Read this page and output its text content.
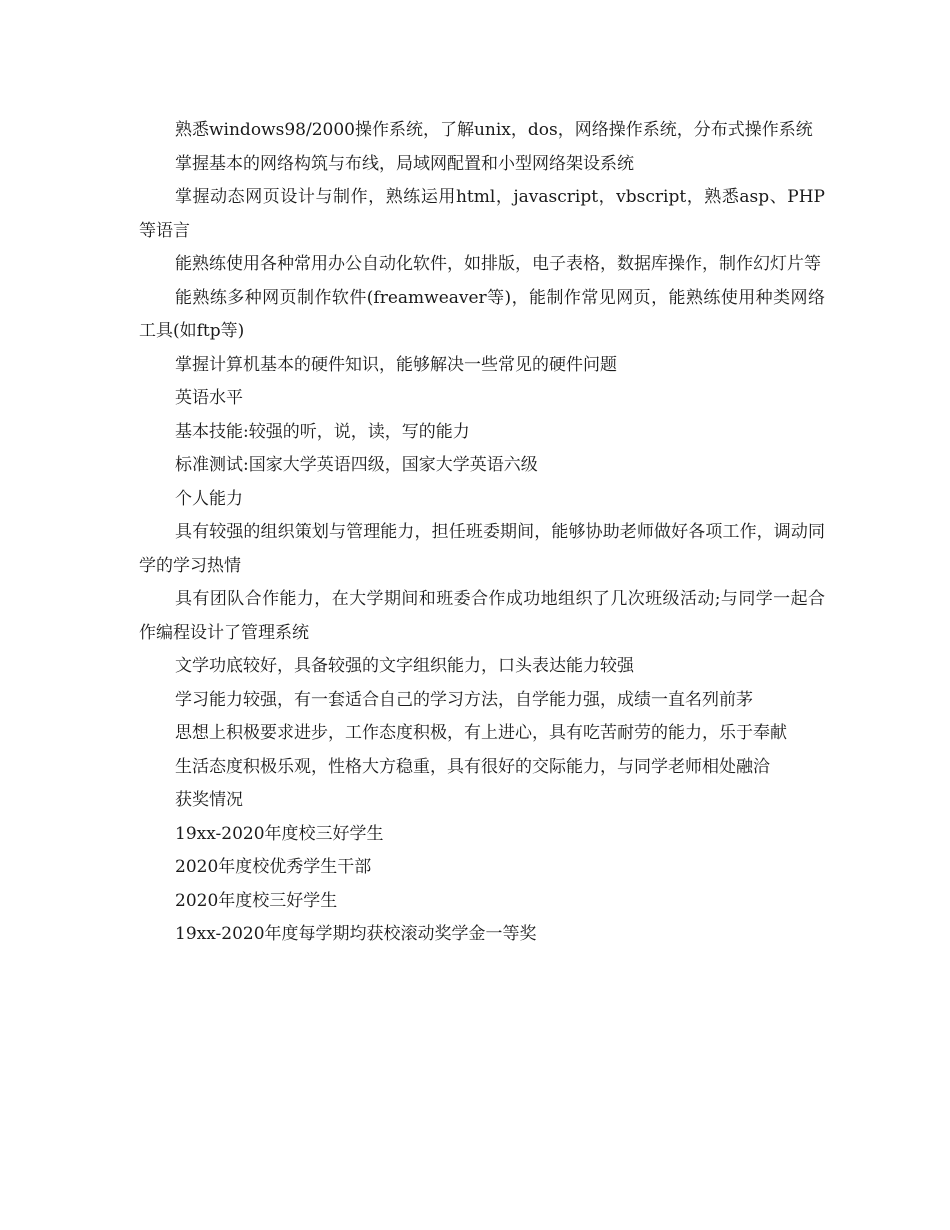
熟悉windows98/2000操作系统，了解unix，dos，网络操作系统，分布式操作系统

掌握基本的网络构筑与布线，局域网配置和小型网络架设系统

掌握动态网页设计与制作，熟练运用html，javascript，vbscript，熟悉asp、PHP等语言

能熟练使用各种常用办公自动化软件，如排版，电子表格，数据库操作，制作幻灯片等

能熟练多种网页制作软件(freamweaver等)，能制作常见网页，能熟练使用种类网络工具(如ftp等)

掌握计算机基本的硬件知识，能够解决一些常见的硬件问题

英语水平

基本技能:较强的听，说，读，写的能力

标准测试:国家大学英语四级，国家大学英语六级

个人能力

具有较强的组织策划与管理能力，担任班委期间，能够协助老师做好各项工作，调动同学的学习热情

具有团队合作能力，在大学期间和班委合作成功地组织了几次班级活动;与同学一起合作编程设计了管理系统

文学功底较好，具备较强的文字组织能力，口头表达能力较强

学习能力较强，有一套适合自己的学习方法，自学能力强，成绩一直名列前茅

思想上积极要求进步，工作态度积极，有上进心，具有吃苦耐劳的能力，乐于奉献

生活态度积极乐观，性格大方稳重，具有很好的交际能力，与同学老师相处融洽

获奖情况

19xx-2020年度校三好学生

2020年度校优秀学生干部

2020年度校三好学生

19xx-2020年度每学期均获校滚动奖学金一等奖
